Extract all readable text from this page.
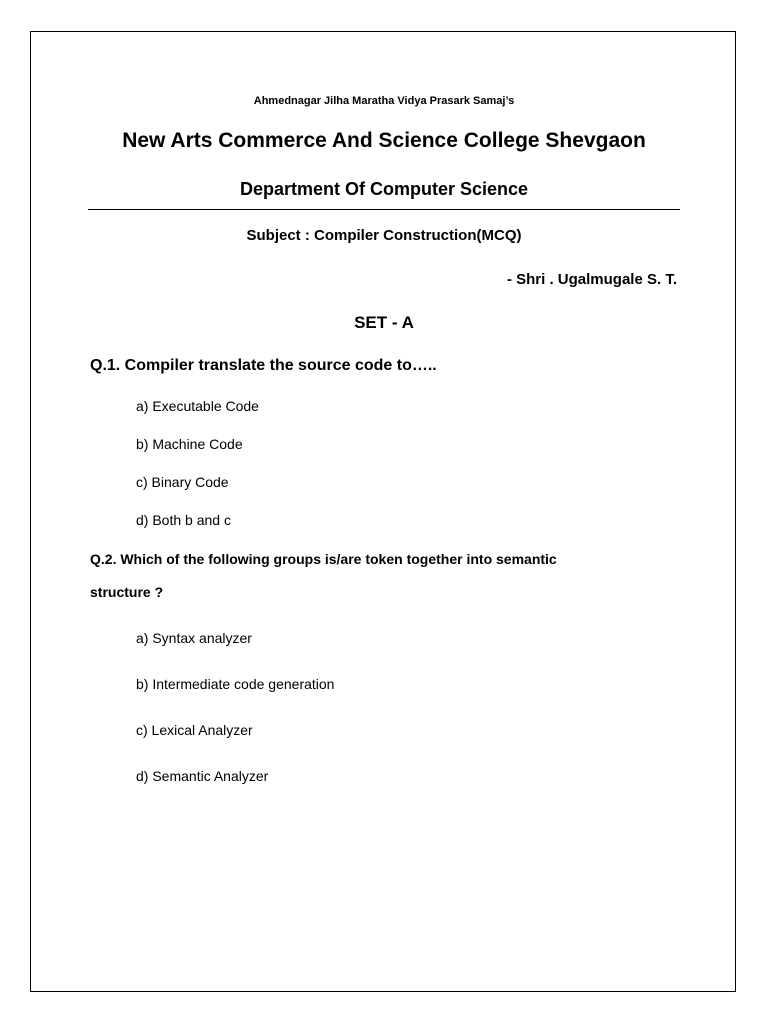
Ahmednagar Jilha Maratha Vidya Prasark Samaj’s
New Arts Commerce And Science College Shevgaon
Department Of Computer Science
Subject : Compiler Construction(MCQ)
- Shri . Ugalmugale S. T.
SET - A
Q.1. Compiler translate the source code to…..
a) Executable Code
b) Machine Code
c) Binary Code
d) Both b and c
Q.2. Which of the following groups is/are token together into semantic
structure ?
a) Syntax analyzer
b) Intermediate code generation
c) Lexical Analyzer
d) Semantic Analyzer
